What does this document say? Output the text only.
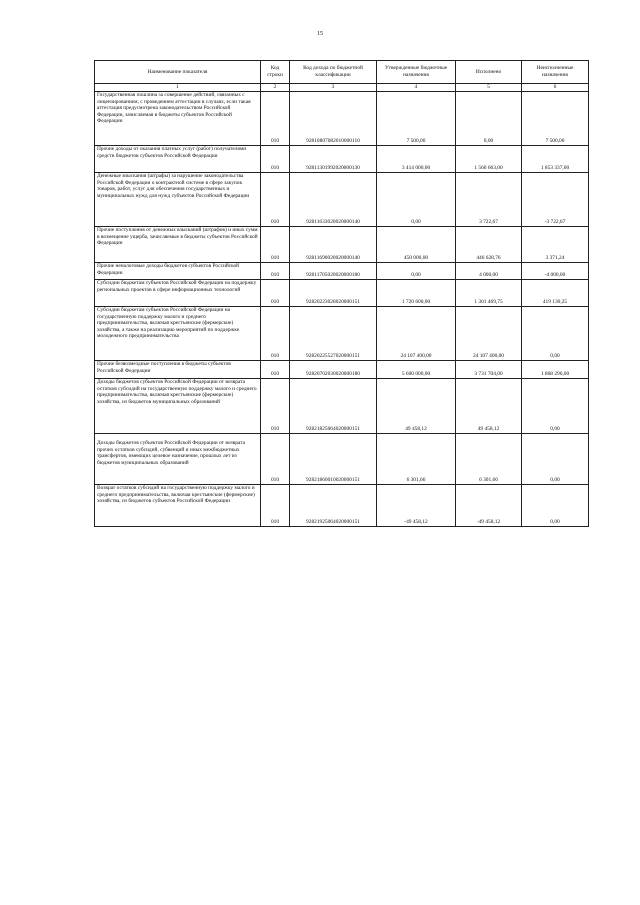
15
Наименование показателя	Код строки	Код дохода по бюджетной классификации	Утвержденные бюджетные назначения	Исполнено	Неисполненные назначения
1	2	3	4	5	6
Государственная пошлина за совершение действий, связанных с лицензированием, с проведением аттестации в случаях, если такая аттестация предусмотрена законодательством Российской Федерации, зачисляемая в бюджеты субъектов Российской Федерации	010	92810807082010000110	7 500,00	0,00	7 500,00
Прочие доходы от оказания платных услуг (работ) получателями средств бюджетов субъектов Российской Федерации	010	92811301992020000130	3 414 000,00	1 560 663,00	1 853 337,00
Денежные взыскания (штрафы) за нарушение законодательства Российской Федерации о контрактной системе в сфере закупок товаров, работ, услуг для обеспечения государственных и муниципальных нужд для нужд субъектов Российской Федерации	010	92811633020020000140	0,00	3 722,67	-3 722,67
Прочие поступления от денежных взысканий (штрафов) и иных сумм в возмещение ущерба, зачисляемые в бюджеты субъектов Российской Федерации	010	92811690020020000140	450 000,00	446 628,76	3 371,24
Прочие неналоговые доходы бюджетов субъектов Российской Федерации	010	92811705020020000180	0,00	4 000,00	-4 000,00
Субсидии бюджетам субъектов Российской Федерации на поддержку региональных проектов в сфере информационных технологий	010	92820223028020000151	1 720 600,00	1 301 469,75	419 130,25
Субсидии бюджетам субъектов Российской Федерации на государственную поддержку малого и среднего предпринимательства, включая крестьянские (фермерские) хозяйства, а также на реализацию мероприятий по поддержке молодежного предпринимательства	010	92820225527020000151	24 107 400,00	24 107 400,00	0,00
Прочие безвозмездные поступления в бюджеты субъектов Российской Федерации	010	92820702030020000180	5 600 000,00	3 731 704,00	1 868 296,00
Доходы бюджетов субъектов Российской Федерации от возврата остатков субсидий на государственную поддержку малого и среднего предпринимательства, включая крестьянские (фермерские) хозяйства, из бюджетов муниципальных образований	010	92821825064020000151	49 458,12	49 458,12	0,00
Доходы бюджетов субъектов Российской Федерации от возврата прочих остатков субсидий, субвенций и иных межбюджетных трансфертов, имеющих целевое назначение, прошлых лет из бюджетов муниципальных образований	010	92821860010020000151	6 301,66	6 301,66	0,00
Возврат остатков субсидий на государственную поддержку малого и среднего предпринимательства, включая крестьянские (фермерские) хозяйства, из бюджетов субъектов Российской Федерации	010	92821925064020000151	-49 458,12	-49 458,12	0,00
